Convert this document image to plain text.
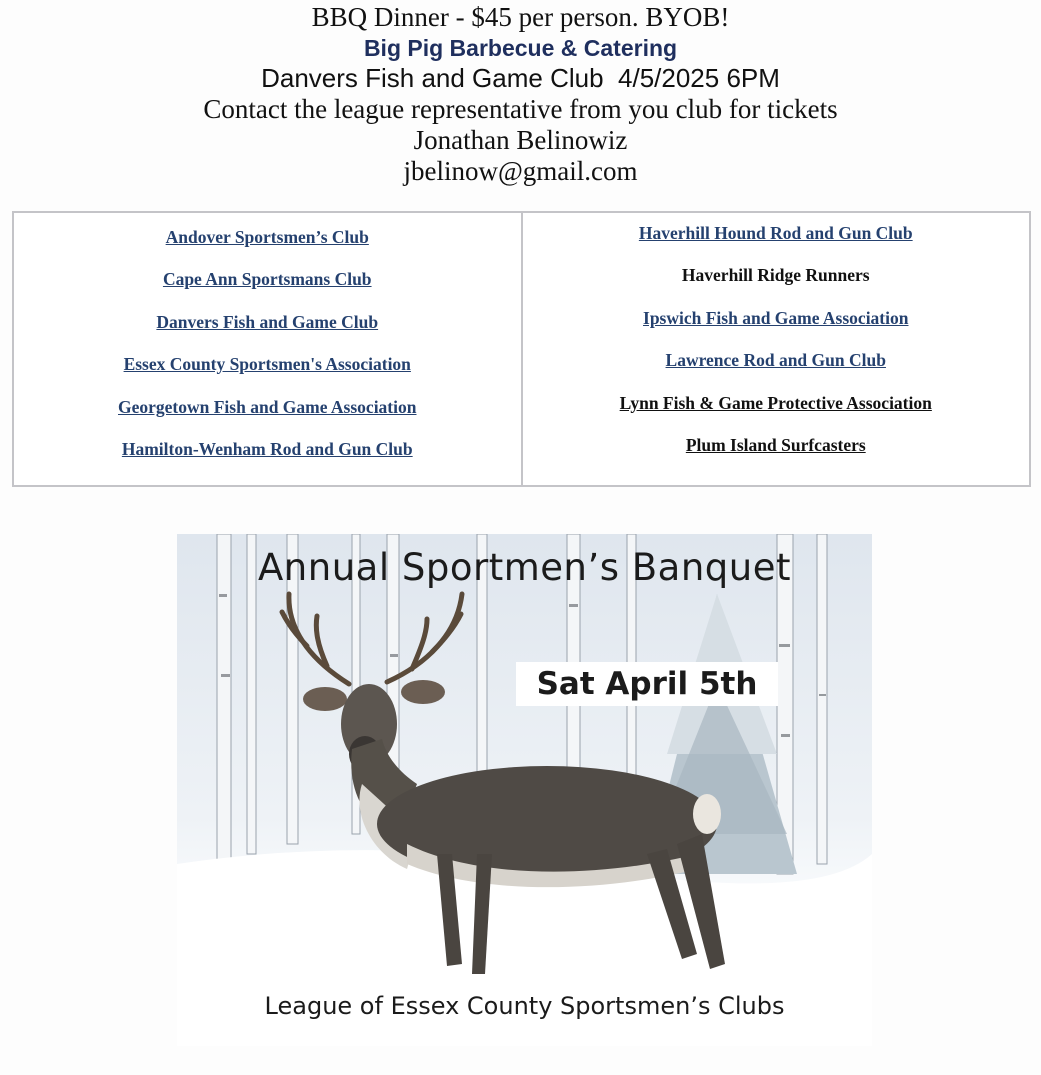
BBQ Dinner - $45 per person. BYOB!
Big Pig Barbecue & Catering
Danvers Fish and Game Club  4/5/2025 6PM
Contact the league representative from you club for tickets
Jonathan Belinowiz
jbelinow@gmail.com
Andover Sportsmen’s Club
Cape Ann Sportsmans Club
Danvers Fish and Game Club
Essex County Sportsmen's Association
Georgetown Fish and Game Association
Hamilton-Wenham Rod and Gun Club
Haverhill Hound Rod and Gun Club
Haverhill Ridge Runners
Ipswich Fish and Game Association
Lawrence Rod and Gun Club
Lynn Fish & Game Protective Association
Plum Island Surfcasters
Annual Sportmen’s Banquet
Sat April 5th
League of Essex County Sportsmen’s Clubs
